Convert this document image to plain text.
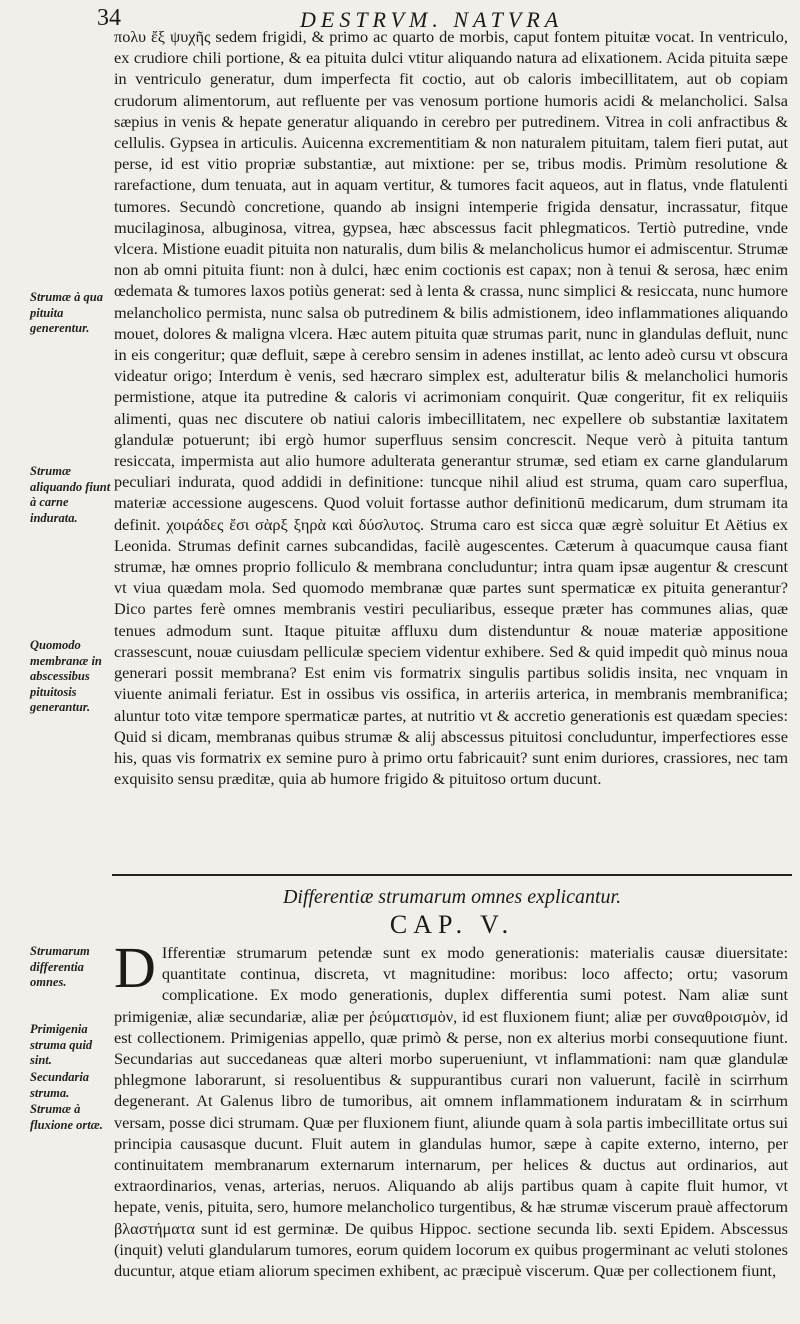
34	DESTRVM. NATVRA

πολυ ἔξ ψυχῆς sedem frigidi, & primo ac quarto de morbis, caput fontem pituitæ vocat. In ventriculo, ex crudiore chili portione, & ea pituita dulci vtitur aliquando natura ad elixationem. Acida pituita sæpe in ventriculo generatur, dum imperfecta fit coctio, aut ob caloris imbecillitatem, aut ob copiam crudorum alimentorum, aut refluente per vas venosum portione humoris acidi & melancholici. Salsa sæpius in venis & hepate generatur aliquando in cerebro per putredinem. Vitrea in coli anfractibus & cellulis. Gypsea in articulis. Auicenna excrementitiam & non naturalem pituitam, talem fieri putat, aut perse, id est vitio propriæ substantiæ, aut mixtione: per se, tribus modis. Primùm resolutione & rarefactione, dum tenuata, aut in aquam vertitur, & tumores facit aqueos, aut in flatus, vnde flatulenti tumores. Secundò concretione, quando ab insigni intemperie frigida densatur, incrassatur, fitque mucilaginosa, albuginosa, vitrea, gypsea, hæc abscessus facit phlegmaticos. Tertiò putredine, vnde vlcera. Mistione euadit pituita non naturalis, dum bilis & melancholicus humor ei admiscentur. Strumæ non ab omni pituita fiunt: non à dulci, hæc enim coctionis est capax; non à tenui & serosa, hæc enim œdemata & tumores laxos potiùs generat: sed à lenta & crassa, nunc simplici & resiccata, nunc humore melancholico permista, nunc salsa ob putredinem & bilis admistionem, ideo inflammationes aliquando mouet, dolores & maligna vlcera. Hæc autem pituita quæ strumas parit, nunc in glandulas defluit, nunc in eis congeritur; quæ defluit, sæpe à cerebro sensim in adenes instillat, ac lento adeò cursu vt obscura videatur origo; Interdum è venis, sed hæcraro simplex est, adulteratur bilis & melancholici humoris permistione, atque ita putredine & caloris vi acrimoniam conquirit. Quæ congeritur, fit ex reliquiis alimenti, quas nec discutere ob natiui caloris imbecillitatem, nec expellere ob substantiæ laxitatem glandulæ potuerunt; ibi ergò humor superfluus sensim concrescit. Neque verò à pituita tantum resiccata, impermista aut alio humore adulterata generantur strumæ, sed etiam ex carne glandularum peculiari indurata, quod addidi in definitione: tuncque nihil aliud est struma, quam caro superflua, materiæ accessione augescens. Quod voluit fortasse author definitionū medicarum, dum strumam ita definit. χοιράδες ἔσι σὰρξ ξηρὰ καὶ δύσλυτος. Struma caro est sicca quæ ægrè soluitur Et Aëtius ex Leonida. Strumas definit carnes subcandidas, facilè augescentes. Cæterum à quacumque causa fiant strumæ, hæ omnes proprio folliculo & membrana concluduntur; intra quam ipsæ augentur & crescunt vt viua quædam mola. Sed quomodo membranæ quæ partes sunt spermaticæ ex pituita generantur? Dico partes ferè omnes membranis vestiri peculiaribus, esseque præter has communes alias, quæ tenues admodum sunt. Itaque pituitæ affluxu dum distenduntur & nouæ materiæ appositione crassescunt, nouæ cuiusdam pelliculæ speciem videntur exhibere. Sed & quid impedit quò minus noua generari possit membrana? Est enim vis formatrix singulis partibus solidis insita, nec vnquam in viuente animali feriatur. Est in ossibus vis ossifica, in arteriis arterica, in membranis membranifica; aluntur toto vitæ tempore spermaticæ partes, at nutritio vt & accretio generationis est quædam species: Quid si dicam, membranas quibus strumæ & alij abscessus pituitosi concluduntur, imperfectiores esse his, quas vis formatrix ex semine puro à primo ortu fabricauit? sunt enim duriores, crassiores, nec tam exquisito sensu præditæ, quia ab humore frigido & pituitoso ortum ducunt.

Strumæ à qua pituita generentur.
Strumæ aliquando fiunt à carne indurata.
Quomodo membranæ in abscessibus pituitosis generantur.
Differentiæ strumarum omnes explicantur.
CAP. V.
Strumarum differentia omnes.
Primigenia struma quid sint.
Secundaria struma.
Strumæ à fluxione ortæ.
D Ifferentiæ strumarum petendæ sunt ex modo generationis: materialis causæ diuersitate: quantitate continua, discreta, vt magnitudine: moribus: loco affecto; ortu; vasorum complicatione. Ex modo generationis, duplex differentia sumi potest. Nam aliæ sunt primigeniæ, aliæ secundariæ, aliæ per ῥεύματισμὸν, id est fluxionem fiunt; aliæ per συναθροισμὸν, id est collectionem. Primigenias appello, quæ primò & perse, non ex alterius morbi consequutione fiunt. Secundarias aut succedaneas quæ alteri morbo superueniunt, vt inflammationi: nam quæ glandulæ phlegmone laborarunt, si resoluentibus & suppurantibus curari non valuerunt, facilè in scirrhum degenerant. At Galenus libro de tumoribus, ait omnem inflammationem induratam & in scirrhum versam, posse dici strumam. Quæ per fluxionem fiunt, aliunde quam à sola partis imbecillitate ortus sui principia causasque ducunt. Fluit autem in glandulas humor, sæpe à capite externo, interno, per continuitatem membranarum externarum internarum, per helices & ductus aut ordinarios, aut extraordinarios, venas, arterias, neruos. Aliquando ab alijs partibus quam à capite fluit humor, vt hepate, venis, pituita, sero, humore melancholico turgentibus, & hæ strumæ viscerum prauè affectorum βλαστήματα sunt id est germinæ. De quibus Hippoc. sectione secunda lib. sexti Epidem. Abscessus (inquit) veluti glandularum tumores, eorum quidem locorum ex quibus progerminant ac veluti stolones ducuntur, atque etiam aliorum specimen exhibent, ac præcipuè viscerum. Quæ per collectionem fiunt,
